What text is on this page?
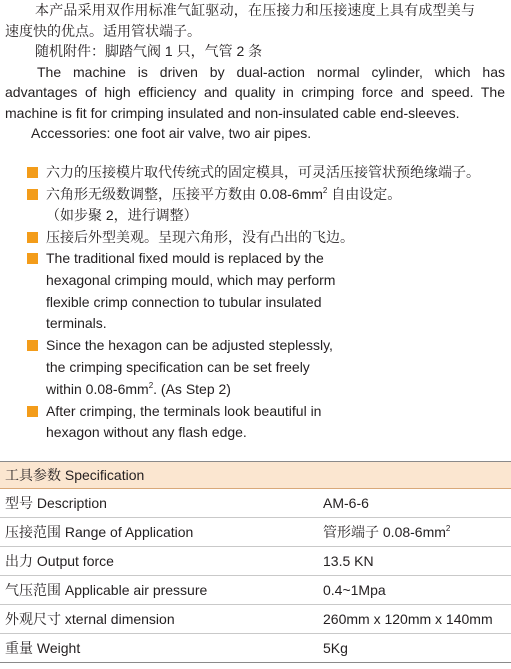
本产品采用双作用标准气缸驱动，在压接力和压接速度上具有成型美与

速度快的优点。适用管状端子。

随机附件：脚踏气阀 1 只，气管 2 条

The machine is driven by dual-action normal cylinder, which has advantages of high efficiency and quality in crimping force and speed. The machine is fit for crimping insulated and non-insulated cable end-sleeves.

Accessories: one foot air valve, two air pipes.

六力的压接模片取代传统式的固定模具，可灵活压接管状预绝缘端子。
六角形无级数调整，压接平方数由 $0.08-6mm^2$ 自由设定。
（如步聚 2，进行调整）
压接后外型美观。呈现六角形，没有凸出的飞边。
The traditional fixed mould is replaced by the
hexagonal crimping mould, which may perform
flexible crimp connection to tubular insulated
terminals.
Since the hexagon can be adjusted steplessly,
the crimping specification can be set freely
within $0.08-6mm^2$. (As Step 2)
After crimping, the terminals look beautiful in
hexagon without any flash edge.
工具参数 Specification
型号 Description	AM-6-6
压接范围 Range of Application	管形端子 $0.08-6mm^2$
出力 Output force	13.5 KN
气压范围 Applicable air pressure	0.4~1Mpa
外观尺寸 xternal dimension	260mm x 120mm x 140mm
重量 Weight	5Kg
